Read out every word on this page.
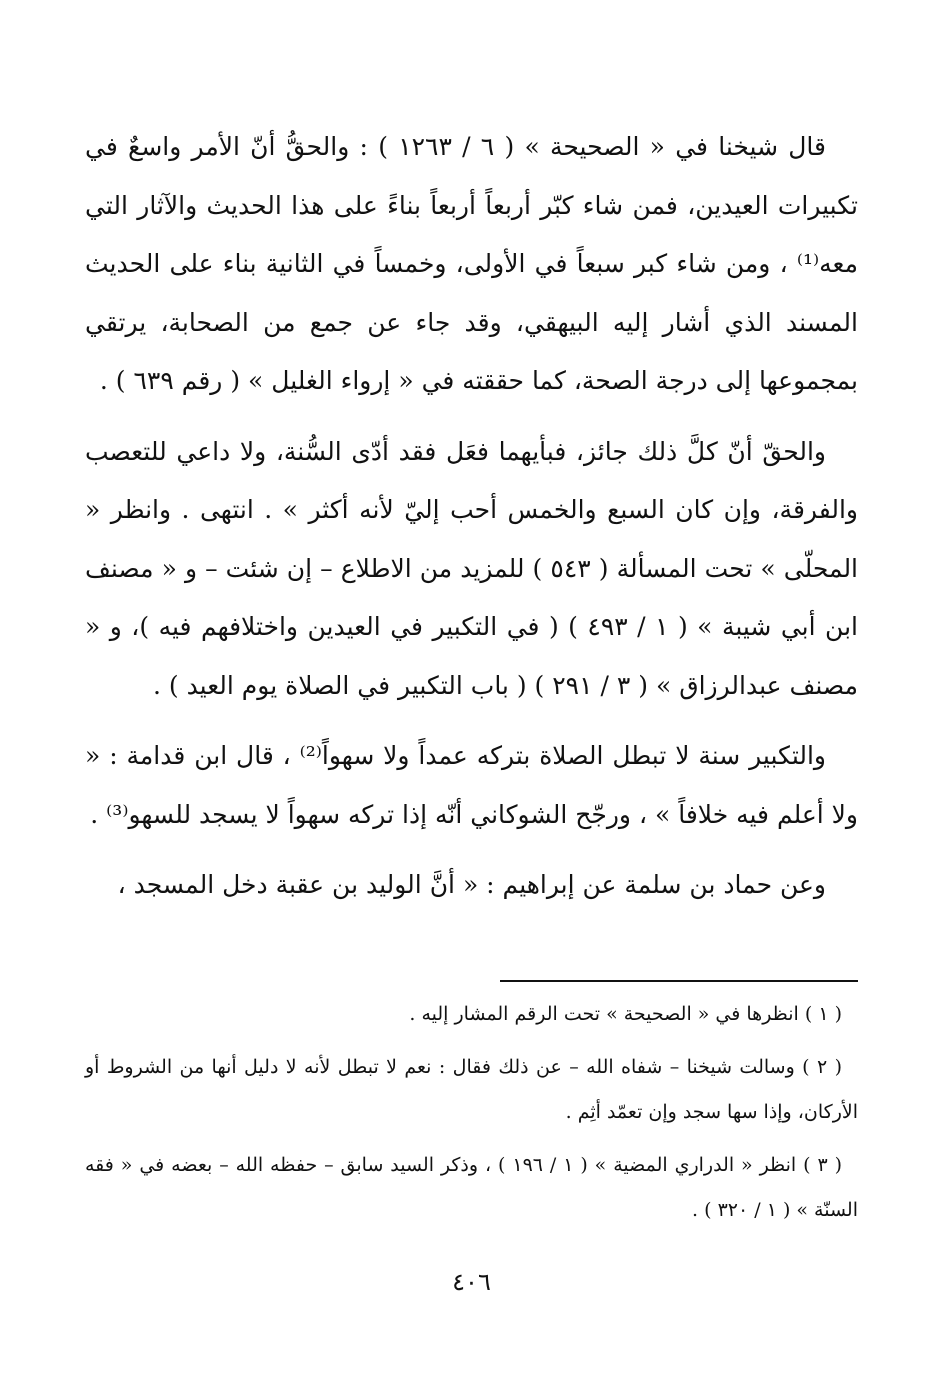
قال شيخنا في « الصحيحة » ( ٦ / ١٢٦٣ ) : والحقُّ أنّ الأمر واسعٌ في تكبيرات العيدين، فمن شاء كبّر أربعاً أربعاً بناءً على هذا الحديث والآثار التي معه⁽¹⁾ ، ومن شاء كبر سبعاً في الأولى، وخمساً في الثانية بناء على الحديث المسند الذي أشار إليه البيهقي، وقد جاء عن جمع من الصحابة، يرتقي بمجموعها إلى درجة الصحة، كما حققته في « إرواء الغليل » ( رقم ٦٣٩ ) .

والحقّ أنّ كلَّ ذلك جائز، فبأيهما فعَل فقد أدّى السُّنة، ولا داعي للتعصب والفرقة، وإن كان السبع والخمس أحب إليّ لأنه أكثر » . انتهى . وانظر « المحلّى » تحت المسألة ( ٥٤٣ ) للمزيد من الاطلاع – إن شئت – و « مصنف ابن أبي شيبة » ( ١ / ٤٩٣ ) ( في التكبير في العيدين واختلافهم فيه )، و « مصنف عبدالرزاق » ( ٣ / ٢٩١ ) ( باب التكبير في الصلاة يوم العيد ) .

والتكبير سنة لا تبطل الصلاة بتركه عمداً ولا سهواً⁽²⁾ ، قال ابن قدامة : « ولا أعلم فيه خلافاً » ، ورجّح الشوكاني أنّه إذا تركه سهواً لا يسجد للسهو⁽³⁾ .

وعن حماد بن سلمة عن إبراهيم : « أنَّ الوليد بن عقبة دخل المسجد ،

( ١ ) انظرها في « الصحيحة » تحت الرقم المشار إليه .

( ٢ ) وسالت شيخنا – شفاه الله – عن ذلك فقال : نعم لا تبطل لأنه لا دليل أنها من الشروط أو الأركان، وإذا سها سجد وإن تعمّد أثِم .

( ٣ ) انظر « الدراري المضية » ( ١ / ١٩٦ ) ، وذكر السيد سابق – حفظه الله – بعضه في « فقه السنّة » ( ١ / ٣٢٠ ) .

٤٠٦
